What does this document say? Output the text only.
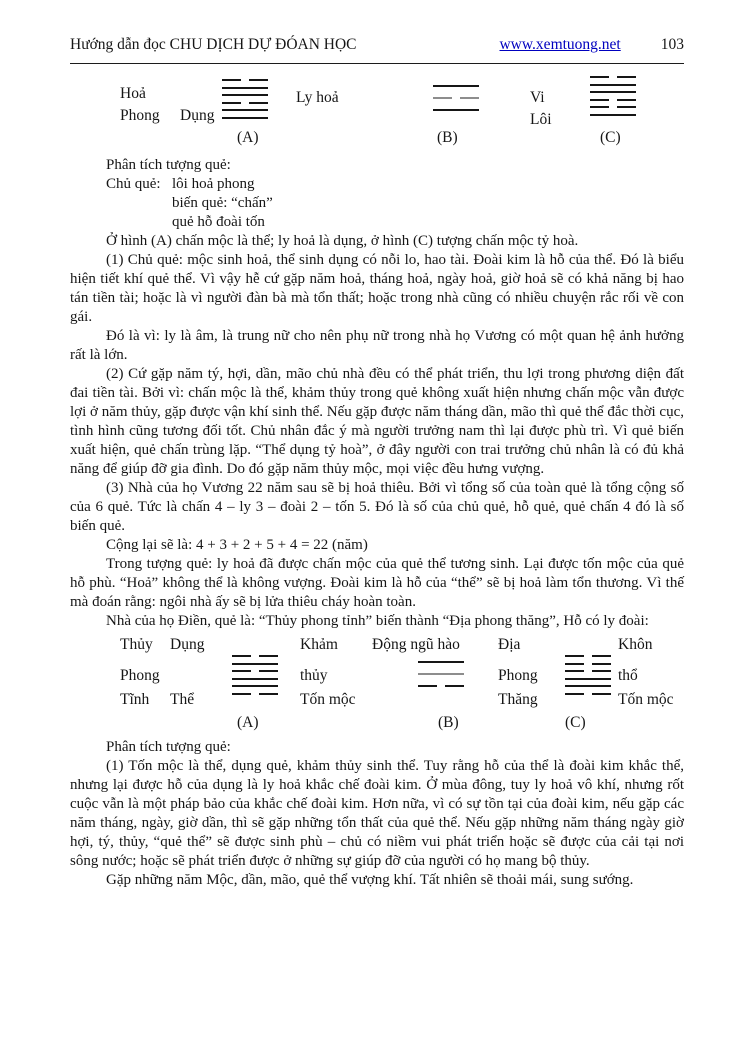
Hướng dẫn đọc CHU DỊCH DỰ ĐÓAN HỌC	www.xemtuong.net	103
Hoả
Phong Dụng
Ly hoả	Vi
Lôi
(A)	(B)	(C)
Phân tích tượng quẻ:
Chủ quẻ: lôi hoả phong
biến quẻ: “chấn”
quẻ hỗ đoài tốn

Ở hình (A) chấn mộc là thể; ly hoả là dụng, ở hình (C) tượng chấn mộc tỷ hoà.

(1) Chủ quẻ: mộc sinh hoả, thể sinh dụng có nỗi lo, hao tài. Đoài kim là hỗ của thể. Đó là biểu hiện tiết khí quẻ thể. Vì vậy hễ cứ gặp năm hoả, tháng hoả, ngày hoả, giờ hoả sẽ có khả năng bị hao tán tiền tài; hoặc là vì người đàn bà mà tổn thất; hoặc trong nhà cũng có nhiều chuyện rắc rối về con gái.

Đó là vì: ly là âm, là trung nữ cho nên phụ nữ trong nhà họ Vương có một quan hệ ảnh hưởng rất là lớn.

(2) Cứ gặp năm tý, hợi, dần, mão chủ nhà đều có thể phát triển, thu lợi trong phương diện đất đai tiền tài. Bởi vì: chấn mộc là thể, khảm thủy trong quẻ không xuất hiện nhưng chấn mộc vẫn được lợi ở năm thủy, gặp được vận khí sinh thể. Nếu gặp được năm tháng dần, mão thì quẻ thể đắc thời cục, tình hình cũng tương đối tốt. Chủ nhân đắc ý mà người trưởng nam thì lại được phù trì. Vì quẻ biến xuất hiện, quẻ chấn trùng lặp. “Thể dụng tỷ hoà”, ở đây người con trai trưởng chủ nhân là có đủ khả năng để giúp đỡ gia đình. Do đó gặp năm thủy mộc, mọi việc đều hưng vượng.

(3) Nhà của họ Vương 22 năm sau sẽ bị hoả thiêu. Bởi vì tổng số của toàn quẻ là tổng cộng số của 6 quẻ. Tức là chấn 4 – ly 3 – đoài 2 – tốn 5. Đó là số của chủ quẻ, hỗ quẻ, quẻ chấn 4 đó là số biến quẻ.

Cộng lại sẽ là: 4 + 3 + 2 + 5 + 4 = 22 (năm)

Trong tượng quẻ: ly hoả đã được chấn mộc của quẻ thể tương sinh. Lại được tốn mộc của quẻ hỗ phù. “Hoả” không thể là không vượng. Đoài kim là hỗ của “thể” sẽ bị hoả làm tổn thương. Vì thế mà đoán rằng: ngôi nhà ấy sẽ bị lửa thiêu cháy hoàn toàn.

Nhà của họ Điền, quẻ là: “Thủy phong tỉnh” biến thành “Địa phong thăng”, Hỗ có ly đoài:

Thủy Dụng
Phong
Tĩnh Thể
(A)
Khảm Động ngũ hào
thủy
Tốn mộc
(B)
Địa	Khôn
Phong	thổ
Thăng	Tốn mộc
(C)
Phân tích tượng quẻ:

(1) Tốn mộc là thể, dụng quẻ, khảm thủy sinh thể. Tuy rằng hỗ của thể là đoài kim khắc thể, nhưng lại được hỗ của dụng là ly hoả khắc chế đoài kim. Ở mùa đông, tuy ly hoả vô khí, nhưng rốt cuộc vẫn là một pháp bảo của khắc chế đoài kim. Hơn nữa, vì có sự tồn tại của đoài kim, nếu gặp các năm tháng, ngày, giờ dần, thì sẽ gặp những tổn thất của quẻ thể. Nếu gặp những năm tháng ngày giờ hợi, tý, thủy, “quẻ thể” sẽ được sinh phù – chủ có niềm vui phát triển hoặc sẽ được của cải tại nơi sông nước; hoặc sẽ phát triển được ở những sự giúp đỡ của người có họ mang bộ thủy.

Gặp những năm Mộc, dần, mão, quẻ thể vượng khí. Tất nhiên sẽ thoải mái, sung sướng.
